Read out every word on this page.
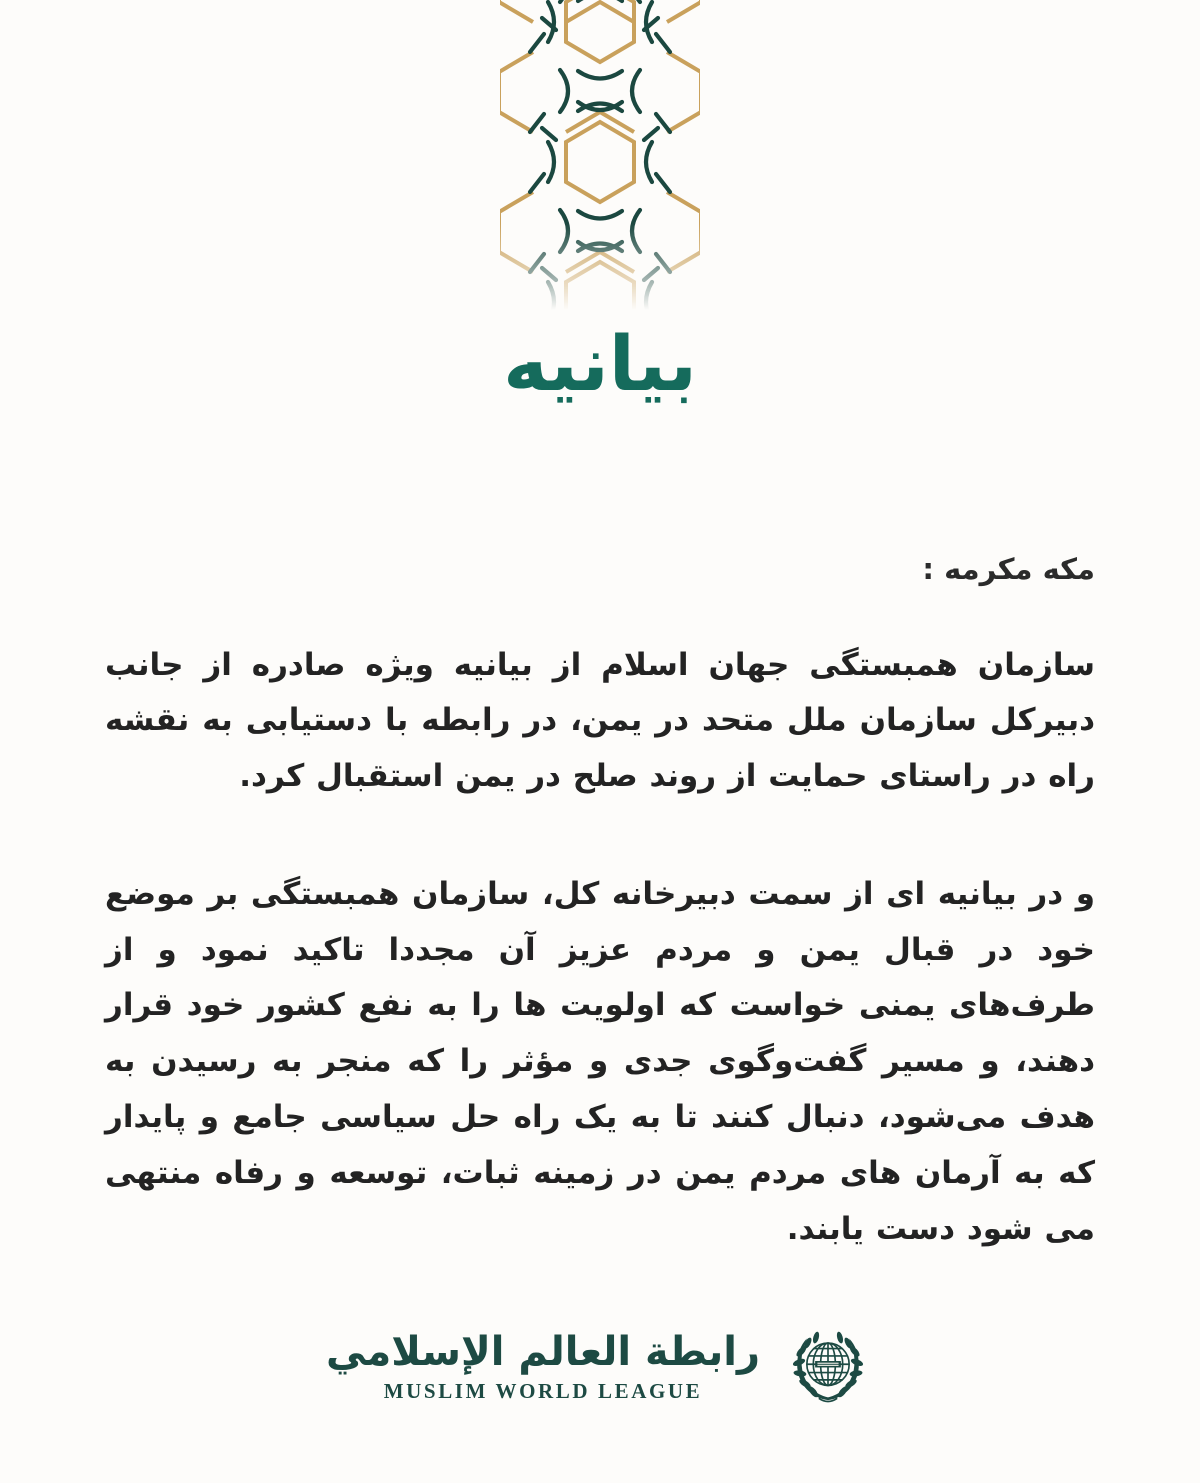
بیانیه
مکه مکرمه :

سازمان همبستگی جهان اسلام از بیانیه ویژه صادره از جانب دبیرکل سازمان ملل متحد در یمن، در رابطه با دستیابی به نقشه راه در راستای حمایت از روند صلح در یمن استقبال کرد.

و در بیانیه ای از سمت دبیرخانه کل، سازمان همبستگی بر موضع خود در قبال یمن و مردم عزیز آن مجددا تاکید نمود و از طرف‌های یمنی خواست که اولویت ها را به نفع کشور خود قرار دهند، و مسیر گفت‌وگوی جدی و مؤثر را که منجر به رسیدن به هدف می‌شود، دنبال کنند تا به یک راه حل سیاسی جامع و پایدار که به آرمان های مردم یمن در زمینه ثبات، توسعه و رفاه منتهی می شود دست یابند.

رابطة العالم الإسلامي
MUSLIM WORLD LEAGUE
